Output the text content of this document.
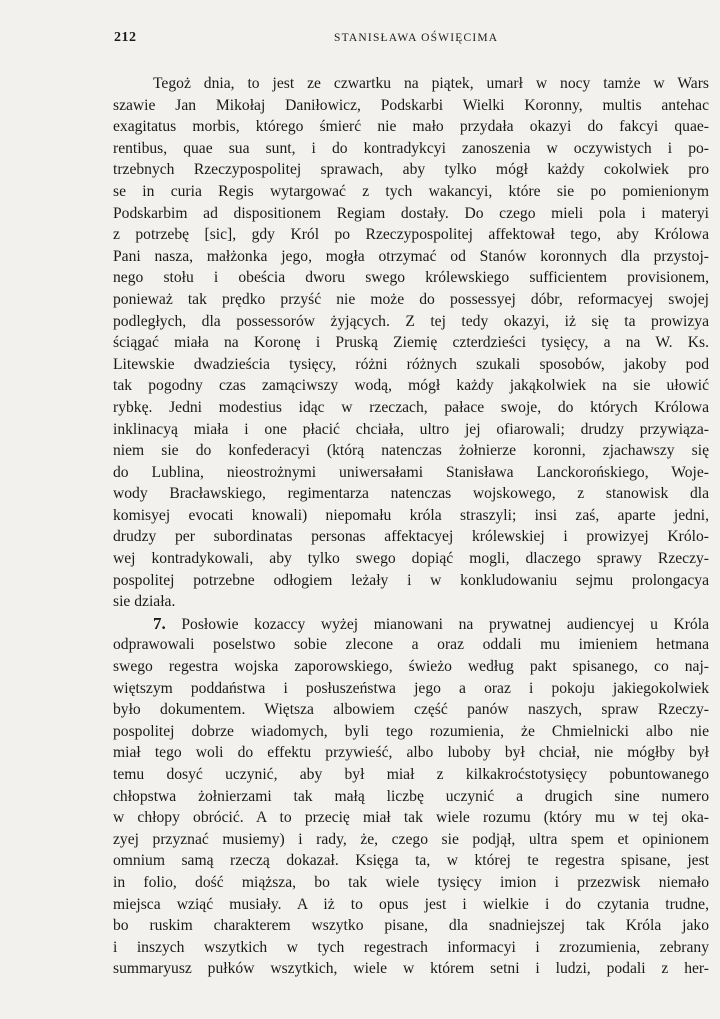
212	STANISŁAWA OŚWIĘCIMA
Tegoż dnia, to jest ze czwartku na piątek, umarł w nocy tamże w Wars
szawie Jan Mikołaj Daniłowicz, Podskarbi Wielki Koronny, multis antehac
exagitatus morbis, którego śmierć nie mało przydała okazyi do fakcyi quae-
rentibus, quae sua sunt, i do kontradykcyi zanoszenia w oczywistych i po-
trzebnych Rzeczypospolitej sprawach, aby tylko mógł każdy cokolwiek pro
se in curia Regis wytargować z tych wakancyi, które sie po pomienionym
Podskarbim ad dispositionem Regiam dostały. Do czego mieli pola i materyi
z potrzebę [sic], gdy Król po Rzeczypospolitej affektował tego, aby Królowa
Pani nasza, małżonka jego, mogła otrzymać od Stanów koronnych dla przystoj-
nego stołu i obeścia dworu swego królewskiego sufficientem provisionem,
ponieważ tak prędko przyść nie może do possessyej dóbr, reformacyej swojej
podległych, dla possessorów żyjących. Z tej tedy okazyi, iż się ta prowizya
ściągać miała na Koronę i Pruską Ziemię czterdzieści tysięcy, a na W. Ks.
Litewskie dwadzieścia tysięcy, różni różnych szukali sposobów, jakoby pod
tak pogodny czas zamąciwszy wodą, mógł każdy jakąkolwiek na sie ułowić
rybkę. Jedni modestius idąc w rzeczach, pałace swoje, do których Królowa
inklinacyą miała i one płacić chciała, ultro jej ofiarowali; drudzy przywiąza-
niem sie do konfederacyi (którą natenczas żołnierze koronni, zjachawszy się
do Lublina, nieostrożnymi uniwersałami Stanisława Lanckorońskiego, Woje-
wody Bracławskiego, regimentarza natenczas wojskowego, z stanowisk dla
komisyej evocati knowali) niepomału króla straszyli; insi zaś, aparte jedni,
drudzy per subordinatas personas affektacyej królewskiej i prowizyej Królo-
wej kontradykowali, aby tylko swego dopiąć mogli, dlaczego sprawy Rzeczy-
pospolitej potrzebne odłogiem leżały i w konkludowaniu sejmu prolongacya
sie działa.
7. Posłowie kozaccy wyżej mianowani na prywatnej audiencyej u Króla
odprawowali poselstwo sobie zlecone a oraz oddali mu imieniem hetmana
swego regestra wojska zaporowskiego, świeżo według pakt spisanego, co naj-
więtszym poddaństwa i posłuszeństwa jego a oraz i pokoju jakiegokolwiek
było dokumentem. Więtsza albowiem część panów naszych, spraw Rzeczy-
pospolitej dobrze wiadomych, byli tego rozumienia, że Chmielnicki albo nie
miał tego woli do effektu przywieść, albo luboby był chciał, nie mógłby był
temu dosyć uczynić, aby był miał z kilkakroćstotysięcy pobuntowanego
chłopstwa żołnierzami tak małą liczbę uczynić a drugich sine numero
w chłopy obrócić. A to przecię miał tak wiele rozumu (który mu w tej oka-
zyej przyznać musiemy) i rady, że, czego sie podjął, ultra spem et opinionem
omnium samą rzeczą dokazał. Księga ta, w której te regestra spisane, jest
in folio, dość miąższa, bo tak wiele tysięcy imion i przezwisk niemało
miejsca wziąć musiały. A iż to opus jest i wielkie i do czytania trudne,
bo ruskim charakterem wszytko pisane, dla snadniejszej tak Króla jako
i inszych wszytkich w tych regestrach informacyi i zrozumienia, zebrany
summaryusz pułków wszytkich, wiele w którem setni i ludzi, podali z her-
